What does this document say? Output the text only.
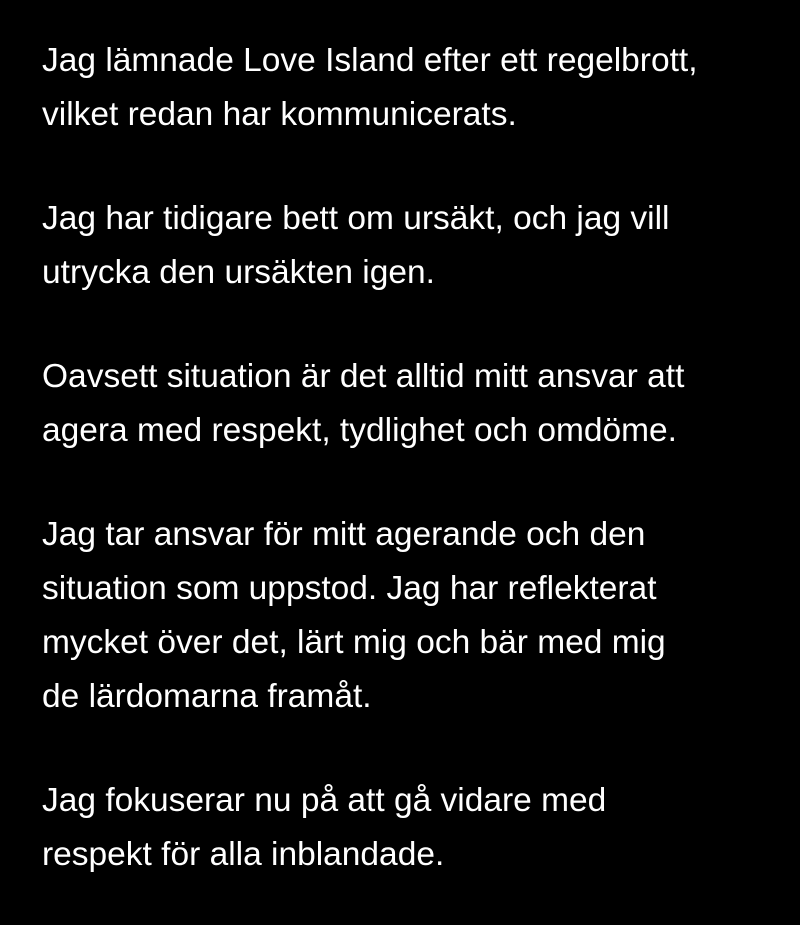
Jag lämnade Love Island efter ett regelbrott,
vilket redan har kommunicerats.

Jag har tidigare bett om ursäkt, och jag vill
utrycka den ursäkten igen.

Oavsett situation är det alltid mitt ansvar att
agera med respekt, tydlighet och omdöme.

Jag tar ansvar för mitt agerande och den
situation som uppstod. Jag har reflekterat
mycket över det, lärt mig och bär med mig
de lärdomarna framåt.

Jag fokuserar nu på att gå vidare med
respekt för alla inblandade.
